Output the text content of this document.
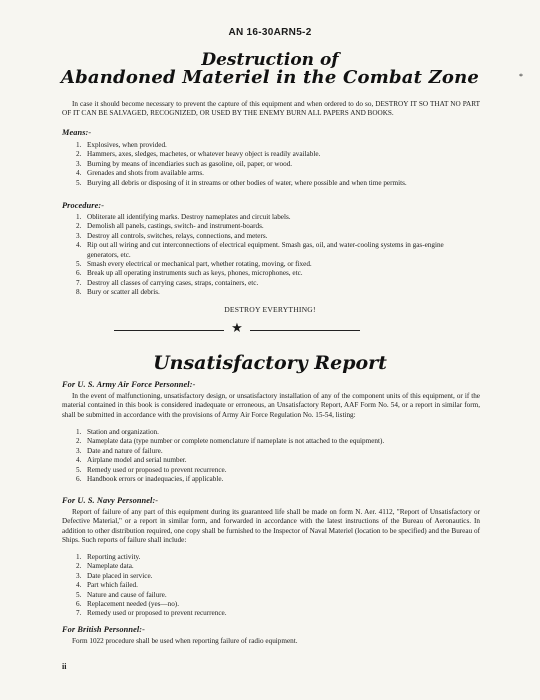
AN 16-30ARN5-2
Destruction of
Abandoned Materiel in the Combat Zone	*
In case it should become necessary to prevent the capture of this equipment and when ordered to do so, DESTROY IT SO THAT NO PART OF IT CAN BE SALVAGED, RECOGNIZED, OR USED BY THE ENEMY BURN ALL PAPERS AND BOOKS.
Means:-
1. Explosives, when provided.
2. Hammers, axes, sledges, machetes, or whatever heavy object is readily available.
3. Burning by means of incendiaries such as gasoline, oil, paper, or wood.
4. Grenades and shots from available arms.
5. Burying all debris or disposing of it in streams or other bodies of water, where possible and when time permits.
Procedure:-
1. Obliterate all identifying marks. Destroy nameplates and circuit labels.
2. Demolish all panels, castings, switch- and instrument-boards.
3. Destroy all controls, switches, relays, connections, and meters.
4. Rip out all wiring and cut interconnections of electrical equipment. Smash gas, oil, and water-cooling systems in gas-engine generators, etc.
5. Smash every electrical or mechanical part, whether rotating, moving, or fixed.
6. Break up all operating instruments such as keys, phones, microphones, etc.
7. Destroy all classes of carrying cases, straps, containers, etc.
8. Bury or scatter all debris.
DESTROY EVERYTHING!
★
Unsatisfactory Report
For U. S. Army Air Force Personnel:-
In the event of malfunctioning, unsatisfactory design, or unsatisfactory installation of any of the component units of this equipment, or if the material contained in this book is considered inadequate or erroneous, an Unsatisfactory Report, AAF Form No. 54, or a report in similar form, shall be submitted in accordance with the provisions of Army Air Force Regulation No. 15-54, listing:
1. Station and organization.
2. Nameplate data (type number or complete nomenclature if nameplate is not attached to the equipment).
3. Date and nature of failure.
4. Airplane model and serial number.
5. Remedy used or proposed to prevent recurrence.
6. Handbook errors or inadequacies, if applicable.
For U. S. Navy Personnel:-
Report of failure of any part of this equipment during its guaranteed life shall be made on form N. Aer. 4112, "Report of Unsatisfactory or Defective Material," or a report in similar form, and forwarded in accordance with the latest instructions of the Bureau of Aeronautics. In addition to other distribution required, one copy shall be furnished to the Inspector of Naval Materiel (location to be specified) and the Bureau of Ships. Such reports of failure shall include:
1. Reporting activity.
2. Nameplate data.
3. Date placed in service.
4. Part which failed.
5. Nature and cause of failure.
6. Replacement needed (yes—no).
7. Remedy used or proposed to prevent recurrence.
For British Personnel:-
Form 1022 procedure shall be used when reporting failure of radio equipment.
ii
